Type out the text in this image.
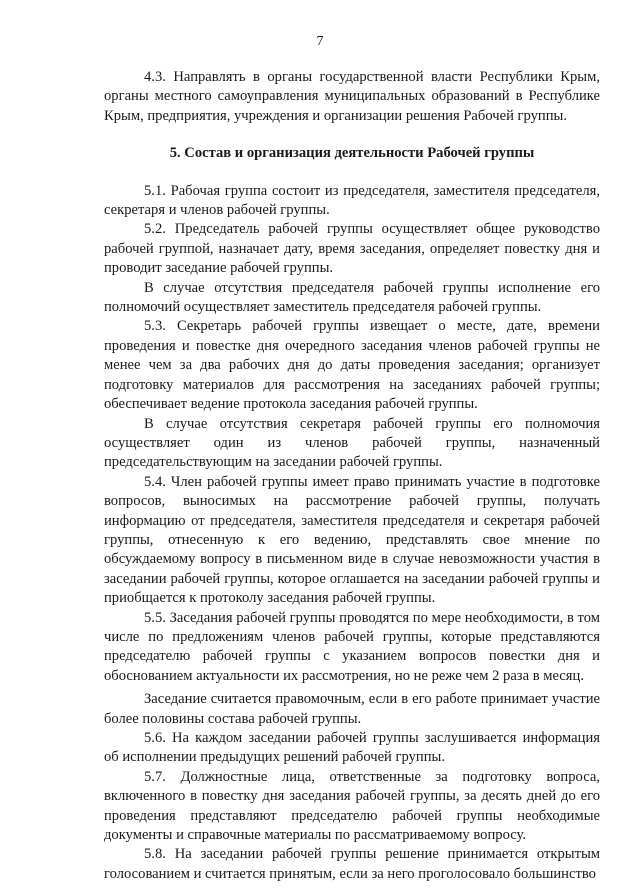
7

4.3. Направлять в органы государственной власти Республики Крым, органы местного самоуправления муниципальных образований в Республике Крым, предприятия, учреждения и организации решения Рабочей группы.

5. Состав и организация деятельности Рабочей группы

5.1. Рабочая группа состоит из председателя, заместителя председателя, секретаря и членов рабочей группы.

5.2. Председатель рабочей группы осуществляет общее руководство рабочей группой, назначает дату, время заседания, определяет повестку дня и проводит заседание рабочей группы.

В случае отсутствия председателя рабочей группы исполнение его полномочий осуществляет заместитель председателя рабочей группы.

5.3. Секретарь рабочей группы извещает о месте, дате, времени проведения и повестке дня очередного заседания членов рабочей группы не менее чем за два рабочих дня до даты проведения заседания; организует подготовку материалов для рассмотрения на заседаниях рабочей группы; обеспечивает ведение протокола заседания рабочей группы.

В случае отсутствия секретаря рабочей группы его полномочия осуществляет один из членов рабочей группы, назначенный председательствующим на заседании рабочей группы.

5.4. Член рабочей группы имеет право принимать участие в подготовке вопросов, выносимых на рассмотрение рабочей группы, получать информацию от председателя, заместителя председателя и секретаря рабочей группы, отнесенную к его ведению, представлять свое мнение по обсуждаемому вопросу в письменном виде в случае невозможности участия в заседании рабочей группы, которое оглашается на заседании рабочей группы и приобщается к протоколу заседания рабочей группы.

5.5. Заседания рабочей группы проводятся по мере необходимости, в том числе по предложениям членов рабочей группы, которые представляются председателю рабочей группы с указанием вопросов повестки дня и обоснованием актуальности их рассмотрения, но не реже чем 2 раза в месяц.

Заседание считается правомочным, если в его работе принимает участие более половины состава рабочей группы.

5.6. На каждом заседании рабочей группы заслушивается информация об исполнении предыдущих решений рабочей группы.

5.7. Должностные лица, ответственные за подготовку вопроса, включенного в повестку дня заседания рабочей группы, за десять дней до его проведения представляют председателю рабочей группы необходимые документы и справочные материалы по рассматриваемому вопросу.

5.8. На заседании рабочей группы решение принимается открытым голосованием и считается принятым, если за него проголосовало большинство
